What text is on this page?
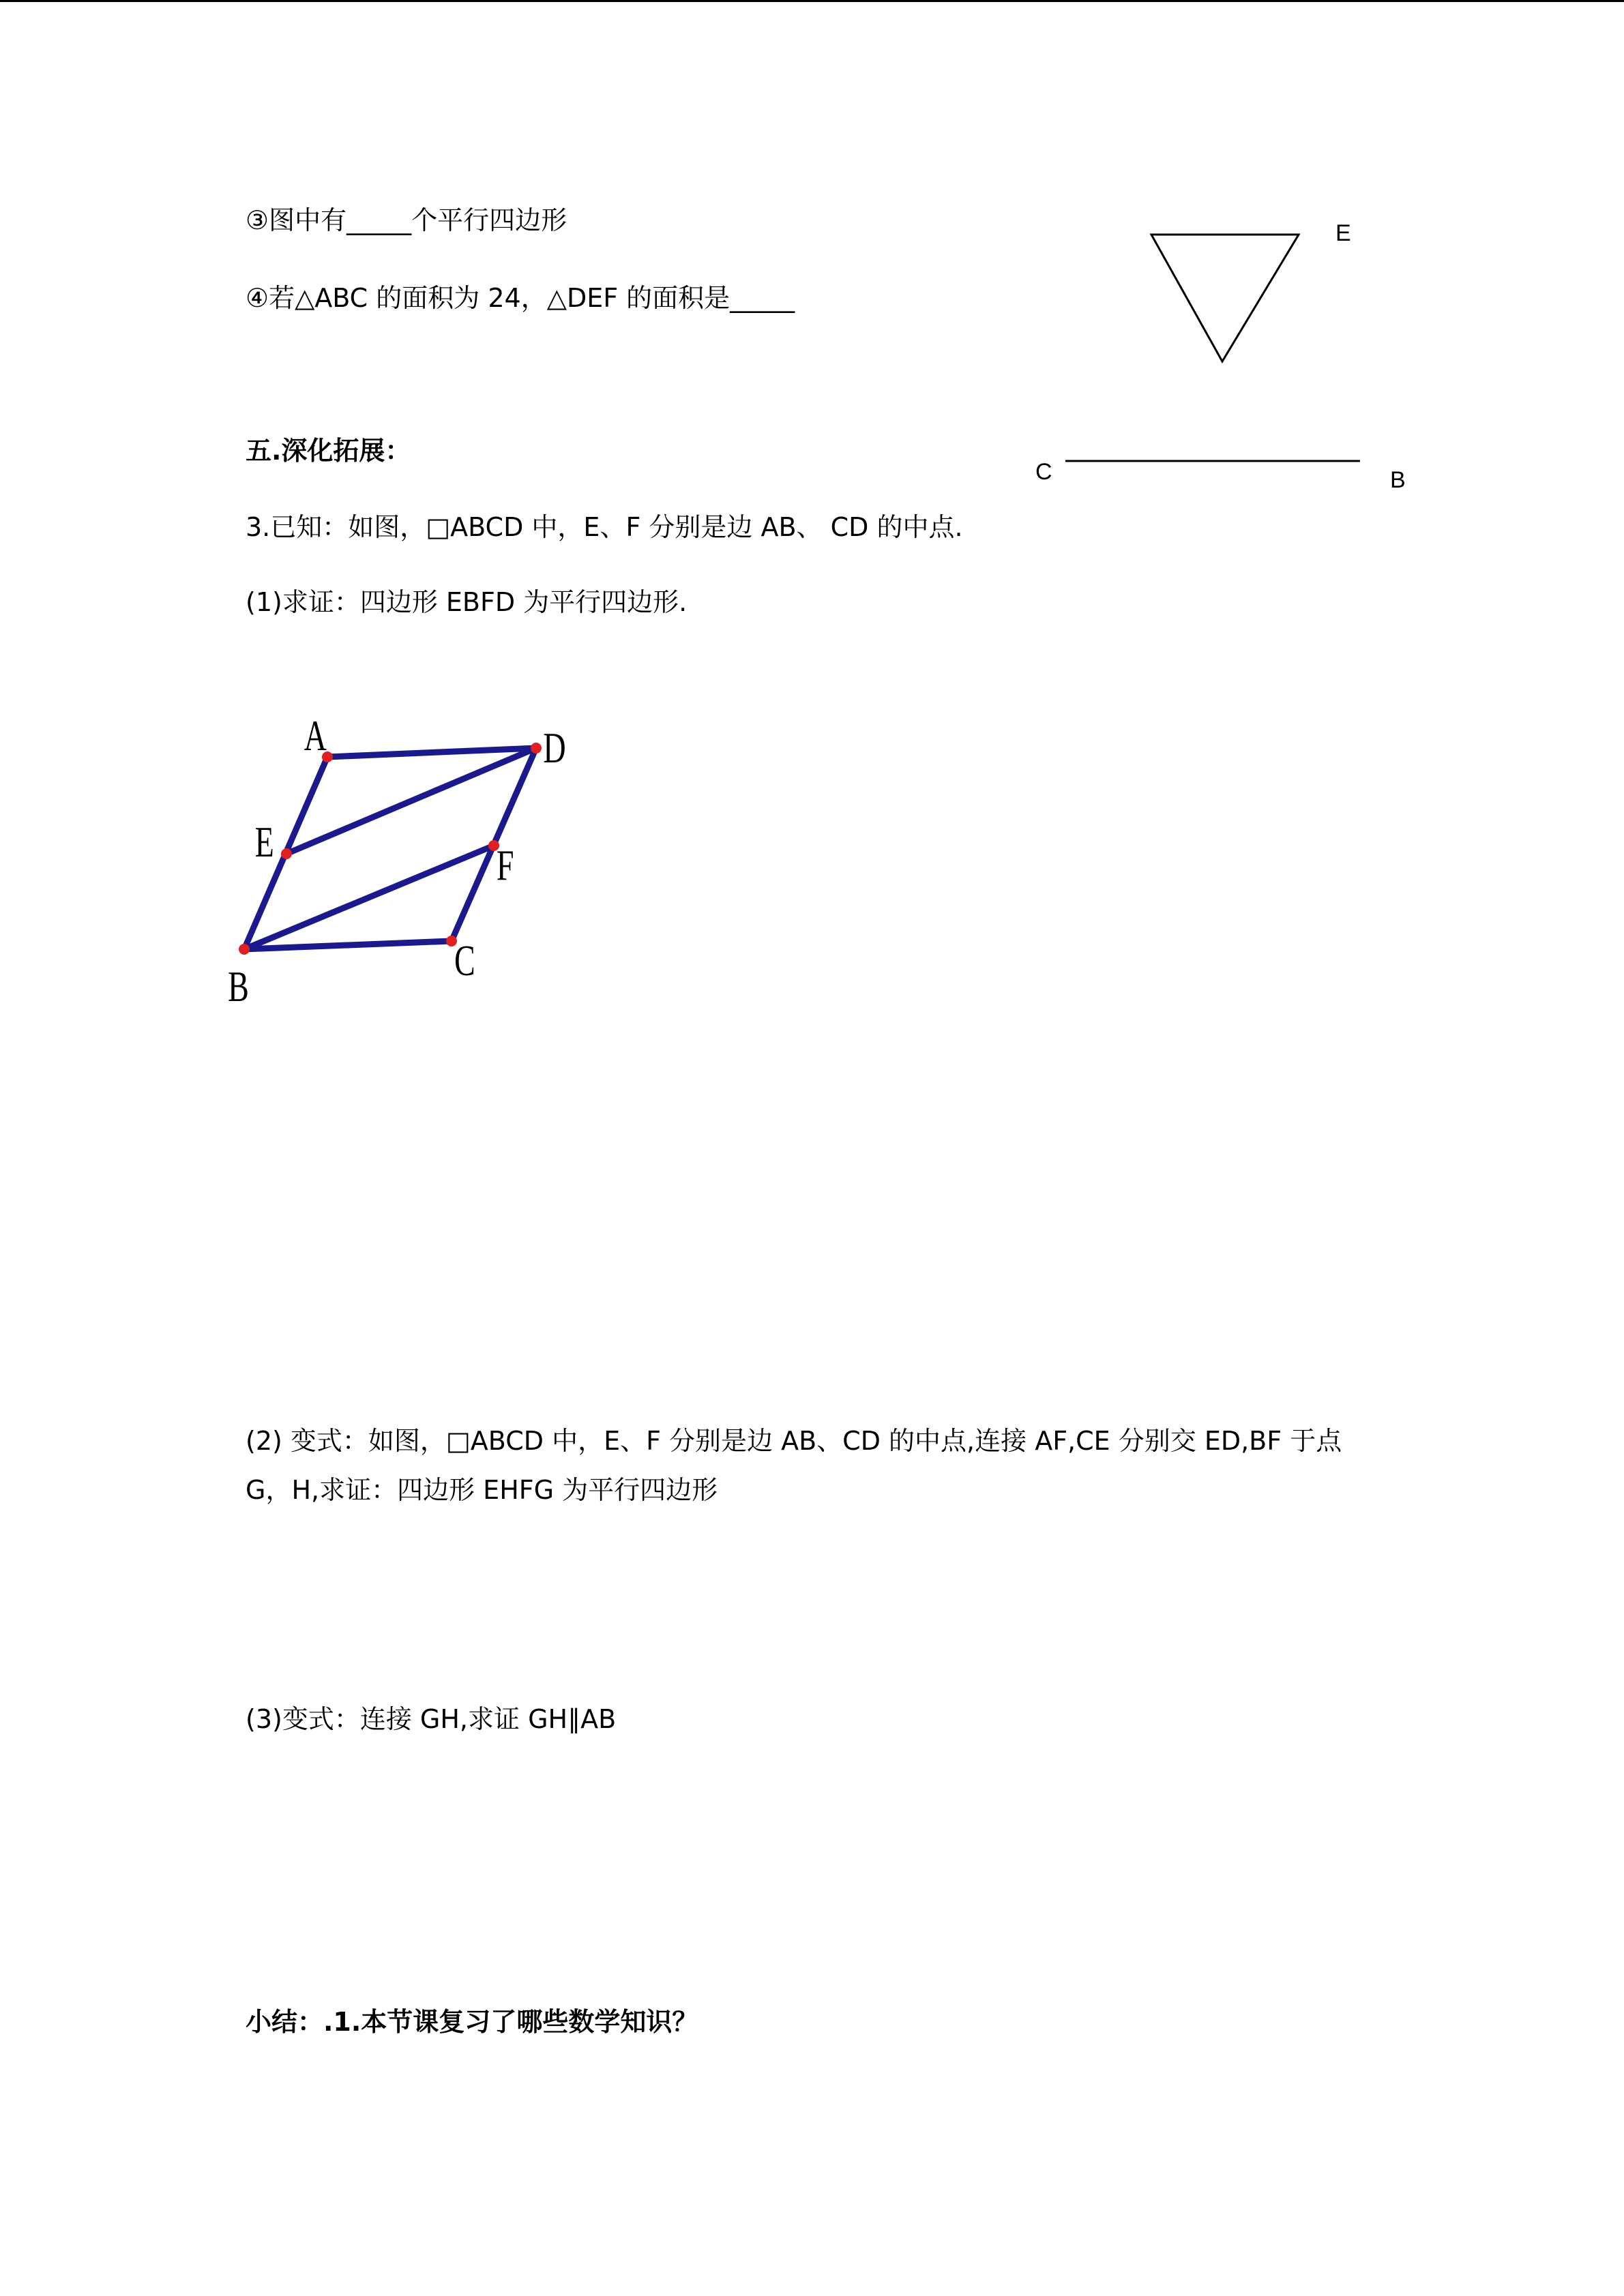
③图中有_____个平行四边形
④若△ABC 的面积为 24，△DEF 的面积是_____
五.深化拓展：
3.已知：如图，□ABCD 中，E、F 分别是边 AB、 CD 的中点.
(1)求证：四边形 EBFD 为平行四边形.
(2) 变式：如图，□ABCD 中，E、F 分别是边 AB、CD 的中点,连接 AF,CE 分别交 ED,BF 于点
G，H,求证：四边形 EHFG 为平行四边形
(3)变式：连接 GH,求证 GH∥AB
小结：.1.本节课复习了哪些数学知识？
E
C	B
A	D
E	F
B
C
